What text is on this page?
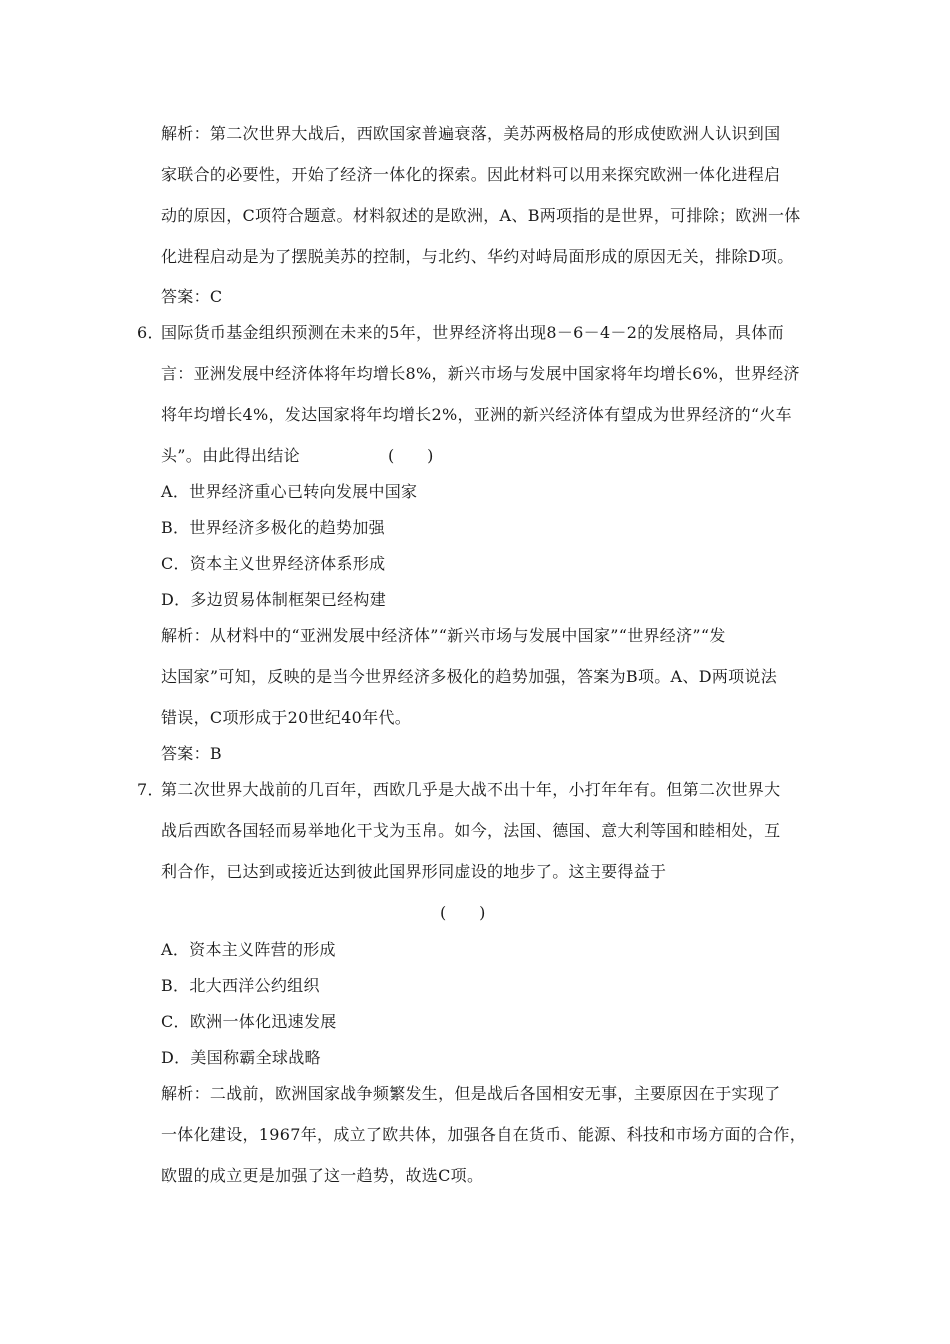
解析：第二次世界大战后，西欧国家普遍衰落，美苏两极格局的形成使欧洲人认识到国
家联合的必要性，开始了经济一体化的探索。因此材料可以用来探究欧洲一体化进程启
动的原因，C项符合题意。材料叙述的是欧洲，A、B两项指的是世界，可排除；欧洲一体
化进程启动是为了摆脱美苏的控制，与北约、华约对峙局面形成的原因无关，排除D项。
答案：C
6．
国际货币基金组织预测在未来的5年，世界经济将出现8－6－4－2的发展格局，具体而
言：亚洲发展中经济体将年均增长8%，新兴市场与发展中国家将年均增长6%，世界经济
将年均增长4%，发达国家将年均增长2%，亚洲的新兴经济体有望成为世界经济的“火车
头”。由此得出结论	(　　)
A．世界经济重心已转向发展中国家
B．世界经济多极化的趋势加强
C．资本主义世界经济体系形成
D．多边贸易体制框架已经构建
解析：从材料中的“亚洲发展中经济体”“新兴市场与发展中国家”“世界经济”“发
达国家”可知，反映的是当今世界经济多极化的趋势加强，答案为B项。A、D两项说法
错误，C项形成于20世纪40年代。
答案：B
7．
第二次世界大战前的几百年，西欧几乎是大战不出十年，小打年年有。但第二次世界大
战后西欧各国轻而易举地化干戈为玉帛。如今，法国、德国、意大利等国和睦相处，互
利合作，已达到或接近达到彼此国界形同虚设的地步了。这主要得益于
(　　)
A．资本主义阵营的形成
B．北大西洋公约组织
C．欧洲一体化迅速发展
D．美国称霸全球战略
解析：二战前，欧洲国家战争频繁发生，但是战后各国相安无事，主要原因在于实现了
一体化建设，1967年，成立了欧共体，加强各自在货币、能源、科技和市场方面的合作，
欧盟的成立更是加强了这一趋势，故选C项。
